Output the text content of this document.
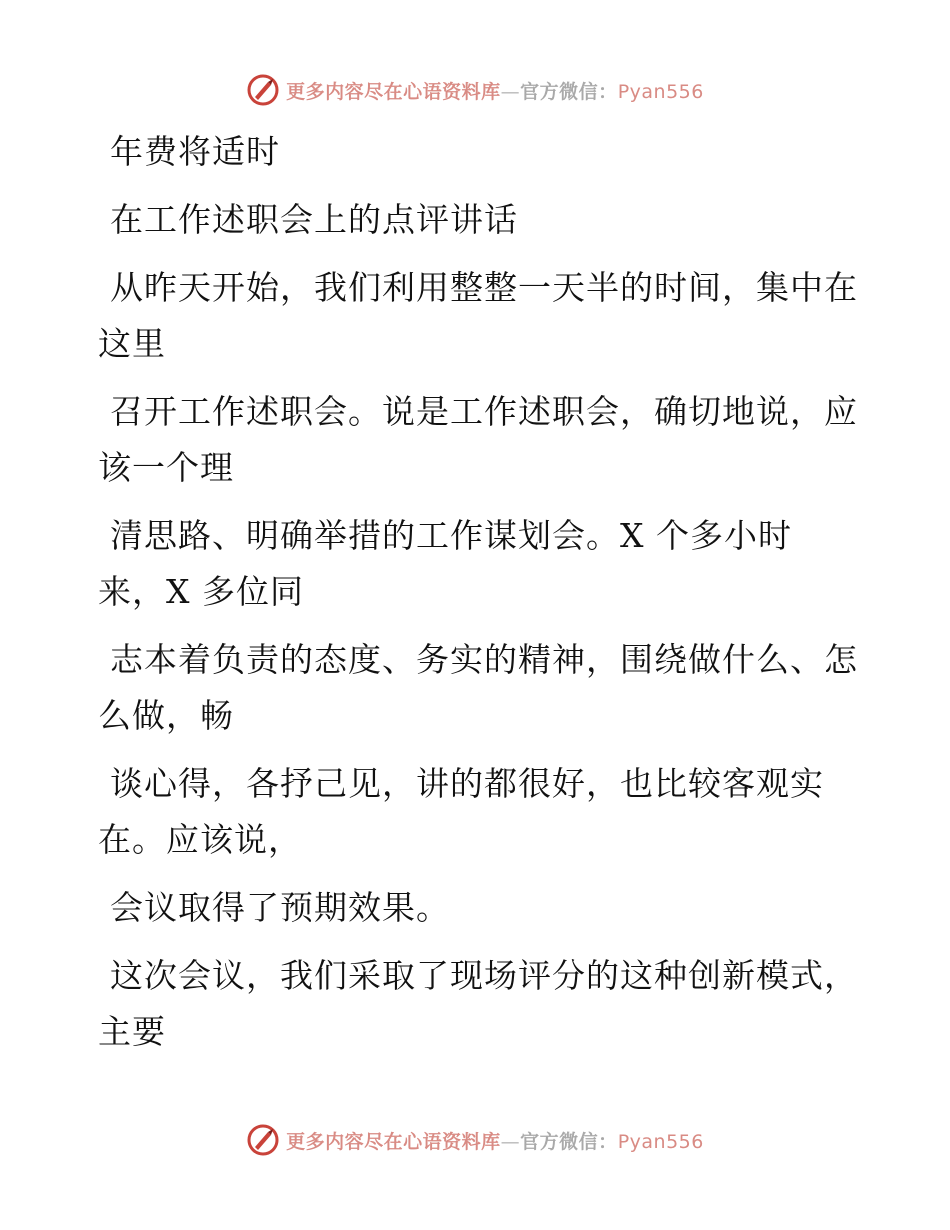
更多内容尽在心语资料库—官方微信：Pyan556

年费将适时

在工作述职会上的点评讲话

从昨天开始，我们利用整整一天半的时间，集中在这里

召开工作述职会。说是工作述职会，确切地说，应该一个理

清思路、明确举措的工作谋划会。X 个多小时来，X 多位同

志本着负责的态度、务实的精神，围绕做什么、怎么做，畅

谈心得，各抒己见，讲的都很好，也比较客观实在。应该说，

会议取得了预期效果。

这次会议，我们采取了现场评分的这种创新模式，主要

更多内容尽在心语资料库—官方微信：Pyan556
